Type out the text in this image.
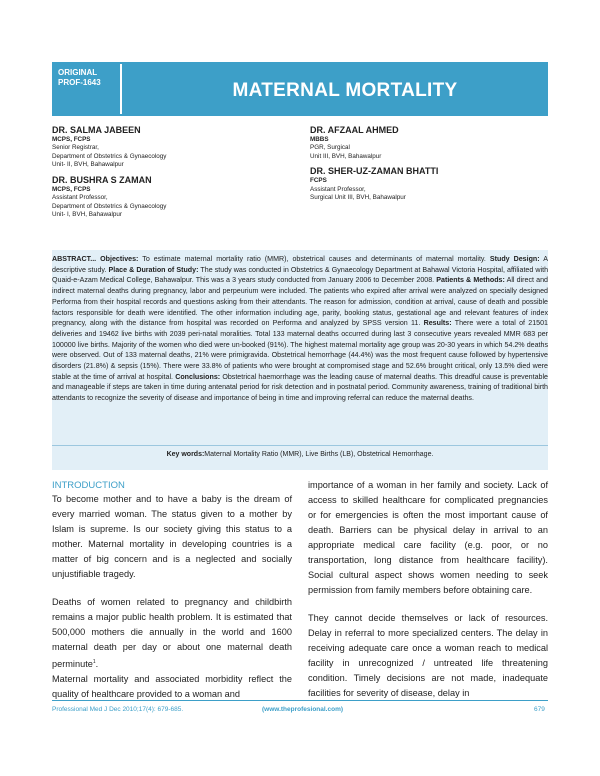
ORIGINAL
PROF-1643	MATERNAL MORTALITY
DR. SALMA JABEEN
MCPS, FCPS
Senior Registrar,
Department of Obstetrics & Gynaecology
Unit- II, BVH, Bahawalpur
DR. BUSHRA S ZAMAN
MCPS, FCPS
Assistant Professor,
Department of Obstetrics & Gynaecology
Unit- I, BVH, Bahawalpur
DR. AFZAAL AHMED
MBBS
PGR, Surgical
Unit III, BVH, Bahawalpur
DR. SHER-UZ-ZAMAN BHATTI
FCPS
Assistant Professor,
Surgical Unit III, BVH, Bahawalpur
ABSTRACT... Objectives: To estimate maternal mortality ratio (MMR), obstetrical causes and determinants of maternal mortality. Study Design: A descriptive study. Place & Duration of Study: The study was conducted in Obstetrics & Gynaecology Department at Bahawal Victoria Hospital, affiliated with Quaid-e-Azam Medical College, Bahawalpur. This was a 3 years study conducted from January 2006 to December 2008. Patients & Methods: All direct and indirect maternal deaths during pregnancy, labor and perpeurium were included. The patients who expired after arrival were analyzed on specially designed Performa from their hospital records and questions asking from their attendants. The reason for admission, condition at arrival, cause of death and possible factors responsible for death were identified. The other information including age, parity, booking status, gestational age and relevant features of index pregnancy, along with the distance from hospital was recorded on Performa and analyzed by SPSS version 11. Results: There were a total of 21501 deliveries and 19462 live births with 2039 peri-natal moralities. Total 133 maternal deaths occurred during last 3 consecutive years revealed MMR 683 per 100000 live births. Majority of the women who died were un-booked (91%). The highest maternal mortality age group was 20-30 years in which 54.2% deaths were observed. Out of 133 maternal deaths, 21% were primigravida. Obstetrical hemorrhage (44.4%) was the most frequent cause followed by hypertensive disorders (21.8%) & sepsis (15%). There were 33.8% of patients who were brought at compromised stage and 52.6% brought critical, only 13.5% died were stable at the time of arrival at hospital. Conclusions: Obstetrical haemorrhage was the leading cause of maternal deaths. This dreadful cause is preventable and manageable if steps are taken in time during antenatal period for risk detection and in postnatal period. Community awareness, training of traditional birth attendants to recognize the severity of disease and importance of being in time and improving referral can reduce the maternal deaths.
Key words:Maternal Mortality Ratio (MMR), Live Births (LB), Obstetrical Hemorrhage.
INTRODUCTION

To become mother and to have a baby is the dream of every married woman. The status given to a mother by Islam is supreme. Is our society giving this status to a mother. Maternal mortality in developing countries is a matter of big concern and is a neglected and socially unjustifiable tragedy.

Deaths of women related to pregnancy and childbirth remains a major public health problem. It is estimated that 500,000 mothers die annually in the world and 1600 maternal death per day or about one maternal death perminute$^1$.

Maternal mortality and associated morbidity reflect the quality of healthcare provided to a woman and

importance of a woman in her family and society. Lack of access to skilled healthcare for complicated pregnancies or for emergencies is often the most important cause of death. Barriers can be physical delay in arrival to an appropriate medical care facility (e.g. poor, or no transportation, long distance from healthcare facility). Social cultural aspect shows women needing to seek permission from family members before obtaining care.

They cannot decide themselves or lack of resources. Delay in referral to more specialized centers. The delay in receiving adequate care once a woman reach to medical facility in unrecognized / untreated life threatening condition. Timely decisions are not made, inadequate facilities for severity of disease, delay in

Professional Med J Dec 2010;17(4): 679-685.	(www.theprofesional.com)	679
